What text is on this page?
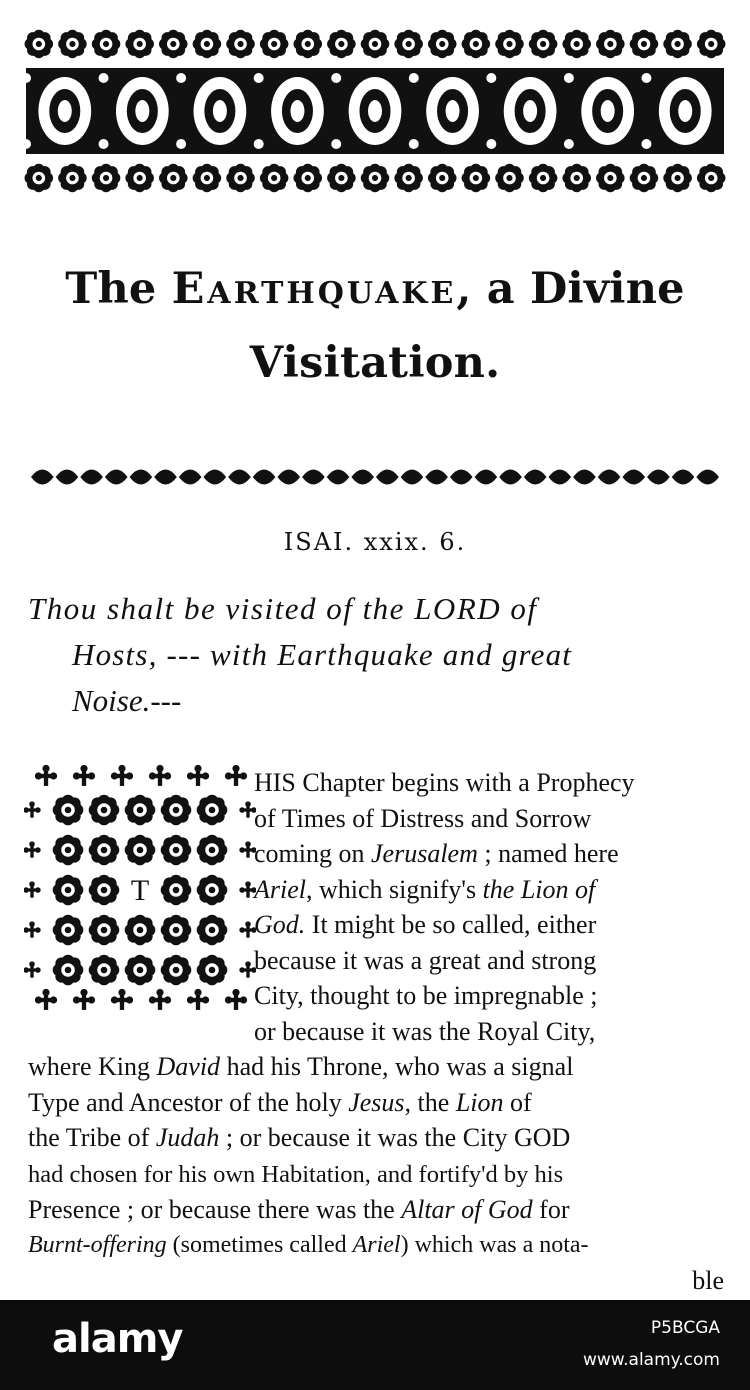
The Earthquake, a Divine
Visitation.
ISAI. xxix. 6.
Thou shalt be visited of the LORD of
Hosts, --- with Earthquake and great
Noise.---
T
HIS Chapter begins with a Prophecy
of Times of Distress and Sorrow
coming on Jerusalem ; named here
Ariel, which signify's the Lion of
God. It might be so called, either
because it was a great and strong
City, thought to be impregnable ;
or because it was the Royal City,
where King David had his Throne, who was a signal
Type and Ancestor of the holy Jesus, the Lion of
the Tribe of Judah ; or because it was the City GOD
had chosen for his own Habitation, and fortify'd by his
Presence ; or because there was the Altar of God for
Burnt-offering (sometimes called Ariel) which was a nota-
ble
alamy	P5BCGA
www.alamy.com
